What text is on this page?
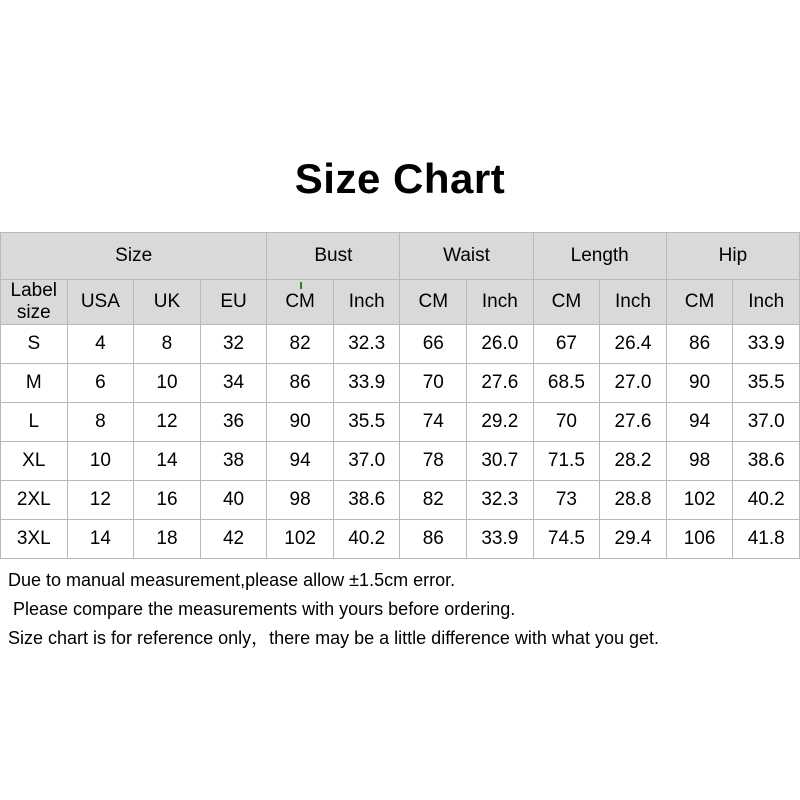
Size Chart
Size				Bust		Waist		Length		Hip	
Label size	USA	UK	EU	CM	Inch	CM	Inch	CM	Inch	CM	Inch
S	4	8	32	82	32.3	66	26.0	67	26.4	86	33.9
M	6	10	34	86	33.9	70	27.6	68.5	27.0	90	35.5
L	8	12	36	90	35.5	74	29.2	70	27.6	94	37.0
XL	10	14	38	94	37.0	78	30.7	71.5	28.2	98	38.6
2XL	12	16	40	98	38.6	82	32.3	73	28.8	102	40.2
3XL	14	18	42	102	40.2	86	33.9	74.5	29.4	106	41.8
Due to manual measurement,please allow ±1.5cm error.
Please compare the measurements with yours before ordering.
Size chart is for reference only，there may be a little difference with what you get.
